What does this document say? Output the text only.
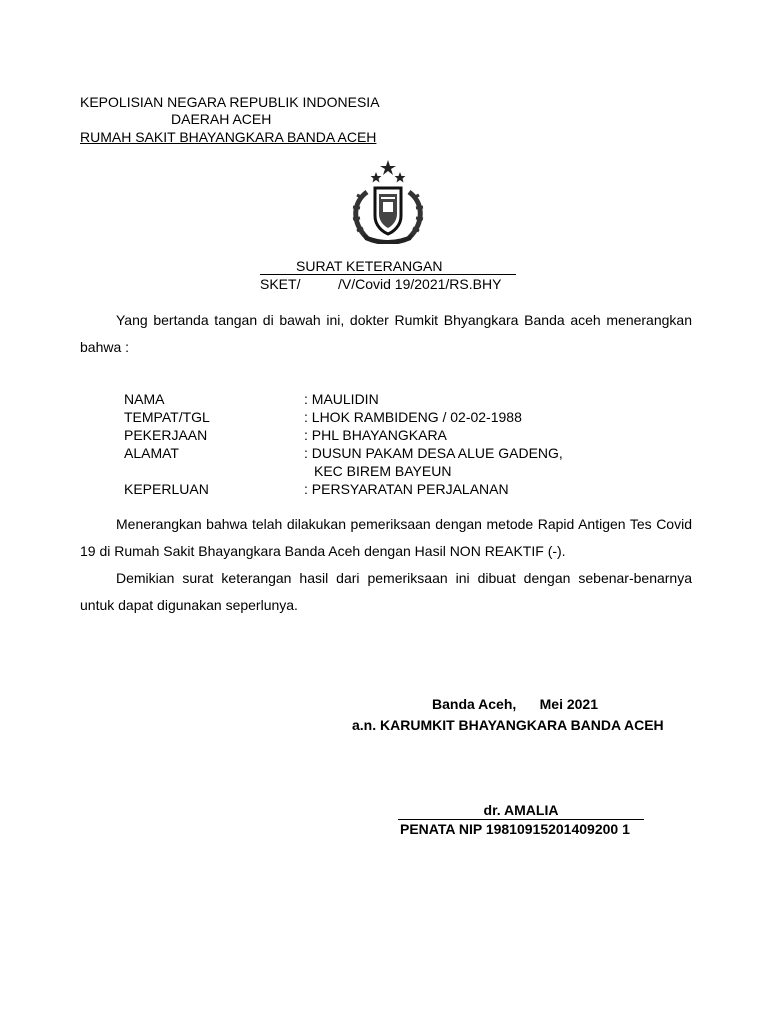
KEPOLISIAN NEGARA REPUBLIK INDONESIA
DAERAH ACEH
RUMAH SAKIT BHAYANGKARA BANDA ACEH
SURAT KETERANGAN
SKET/	/V/Covid 19/2021/RS.BHY
Yang bertanda tangan di bawah ini, dokter Rumkit Bhyangkara Banda aceh menerangkan bahwa :
NAMA	: MAULIDIN
TEMPAT/TGL	: LHOK RAMBIDENG / 02-02-1988
PEKERJAAN	: PHL BHAYANGKARA
ALAMAT	: DUSUN PAKAM DESA ALUE GADENG,
KEC BIREM BAYEUN
KEPERLUAN	: PERSYARATAN PERJALANAN
Menerangkan bahwa telah dilakukan pemeriksaan dengan metode Rapid Antigen Tes Covid 19 di Rumah Sakit Bhayangkara Banda Aceh dengan Hasil NON REAKTIF (-).
Demikian surat keterangan hasil dari pemeriksaan ini dibuat dengan sebenar-benarnya untuk dapat digunakan seperlunya.
Banda Aceh,      Mei 2021
a.n. KARUMKIT BHAYANGKARA BANDA ACEH
dr. AMALIA
PENATA NIP 19810915201409200 1
